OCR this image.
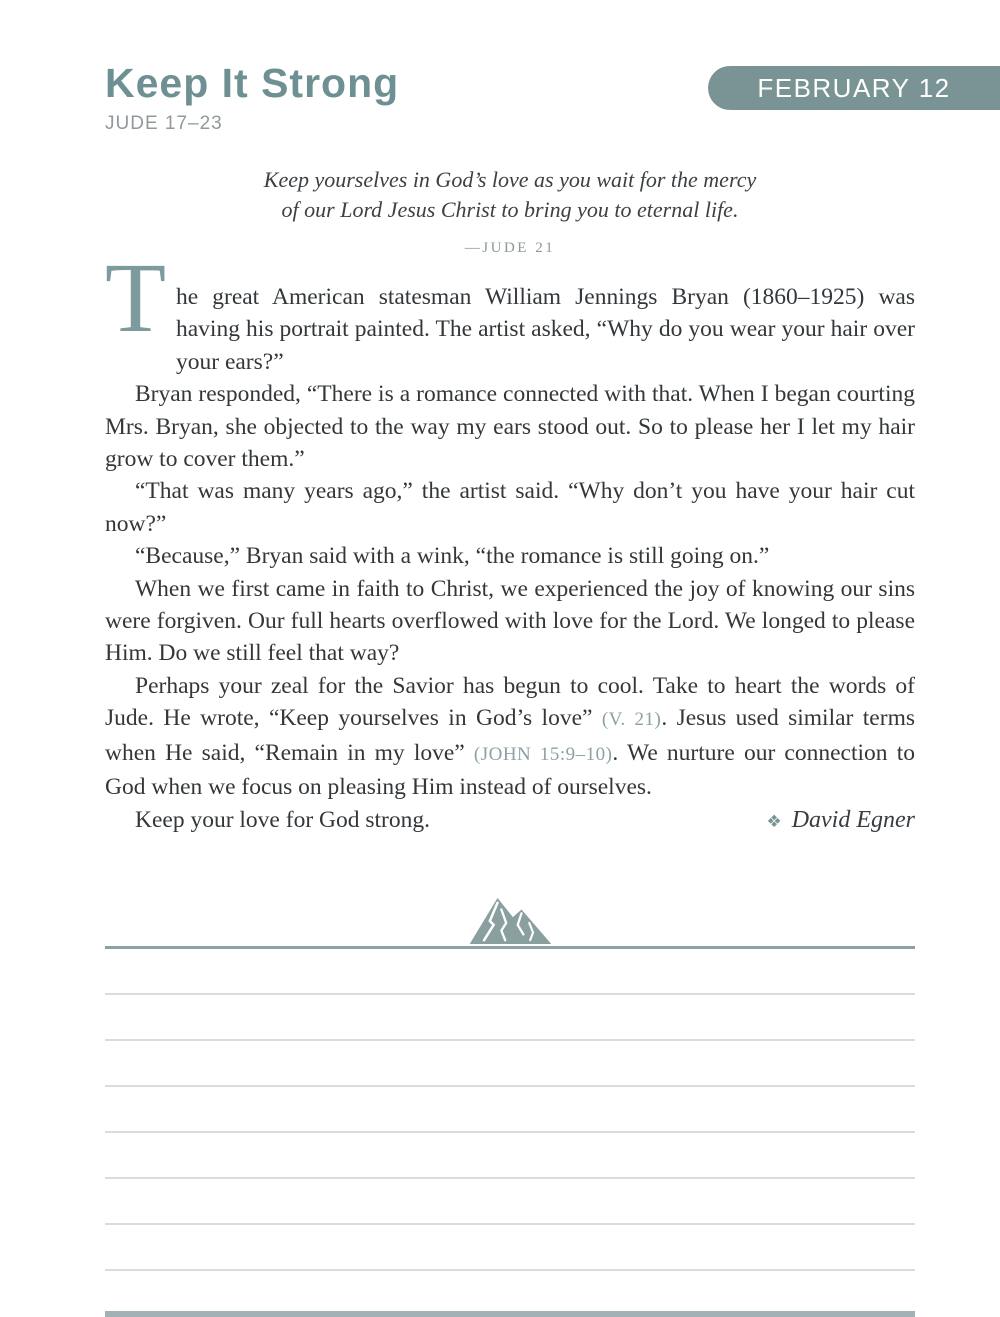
Keep It Strong
JUDE 17–23
FEBRUARY 12
Keep yourselves in God’s love as you wait for the mercy
of our Lord Jesus Christ to bring you to eternal life.
—JUDE 21

T he great American statesman William Jennings Bryan (1860–1925) was having his portrait painted. The artist asked, “Why do you wear your hair over your ears?”

Bryan responded, “There is a romance connected with that. When I began courting Mrs. Bryan, she objected to the way my ears stood out. So to please her I let my hair grow to cover them.”

“That was many years ago,” the artist said. “Why don’t you have your hair cut now?”

“Because,” Bryan said with a wink, “the romance is still going on.”

When we first came in faith to Christ, we experienced the joy of knowing our sins were forgiven. Our full hearts overflowed with love for the Lord. We longed to please Him. Do we still feel that way?

Perhaps your zeal for the Savior has begun to cool. Take to heart the words of Jude. He wrote, “Keep yourselves in God’s love” (V. 21). Jesus used similar terms when He said, “Remain in my love” (JOHN 15:9–10). We nurture our connection to God when we focus on pleasing Him instead of ourselves.

Keep your love for God strong.	❖ David Egner
